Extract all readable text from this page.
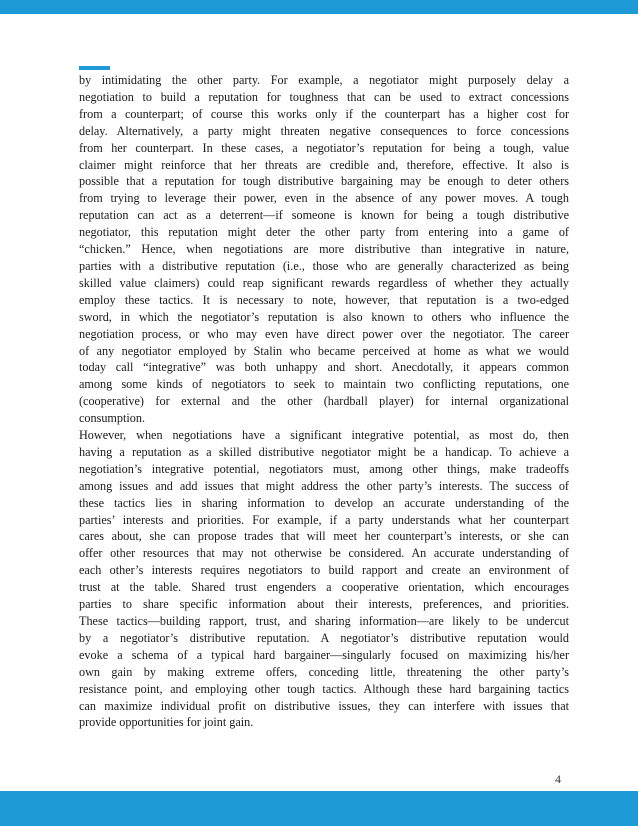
by intimidating the other party. For example, a negotiator might purposely delay a
negotiation to build a reputation for toughness that can be used to extract concessions
from a counterpart; of course this works only if the counterpart has a higher cost for
delay. Alternatively, a party might threaten negative consequences to force concessions
from her counterpart. In these cases, a negotiator’s reputation for being a tough, value
claimer might reinforce that her threats are credible and, therefore, effective. It also is
possible that a reputation for tough distributive bargaining may be enough to deter others
from trying to leverage their power, even in the absence of any power moves. A tough
reputation can act as a deterrent—if someone is known for being a tough distributive
negotiator, this reputation might deter the other party from entering into a game of
“chicken.” Hence, when negotiations are more distributive than integrative in nature,
parties with a distributive reputation (i.e., those who are generally characterized as being
skilled value claimers) could reap significant rewards regardless of whether they actually
employ these tactics. It is necessary to note, however, that reputation is a two-edged
sword, in which the negotiator’s reputation is also known to others who influence the
negotiation process, or who may even have direct power over the negotiator. The career
of any negotiator employed by Stalin who became perceived at home as what we would
today call “integrative” was both unhappy and short. Anecdotally, it appears common
among some kinds of negotiators to seek to maintain two conflicting reputations, one
(cooperative) for external and the other (hardball player) for internal organizational
consumption.
However, when negotiations have a significant integrative potential, as most do, then
having a reputation as a skilled distributive negotiator might be a handicap. To achieve a
negotiation’s integrative potential, negotiators must, among other things, make tradeoffs
among issues and add issues that might address the other party’s interests. The success of
these tactics lies in sharing information to develop an accurate understanding of the
parties’ interests and priorities. For example, if a party understands what her counterpart
cares about, she can propose trades that will meet her counterpart’s interests, or she can
offer other resources that may not otherwise be considered. An accurate understanding of
each other’s interests requires negotiators to build rapport and create an environment of
trust at the table. Shared trust engenders a cooperative orientation, which encourages
parties to share specific information about their interests, preferences, and priorities.
These tactics—building rapport, trust, and sharing information—are likely to be undercut
by a negotiator’s distributive reputation. A negotiator’s distributive reputation would
evoke a schema of a typical hard bargainer—singularly focused on maximizing his/her
own gain by making extreme offers, conceding little, threatening the other party’s
resistance point, and employing other tough tactics. Although these hard bargaining tactics
can maximize individual profit on distributive issues, they can interfere with issues that
provide opportunities for joint gain.
4
